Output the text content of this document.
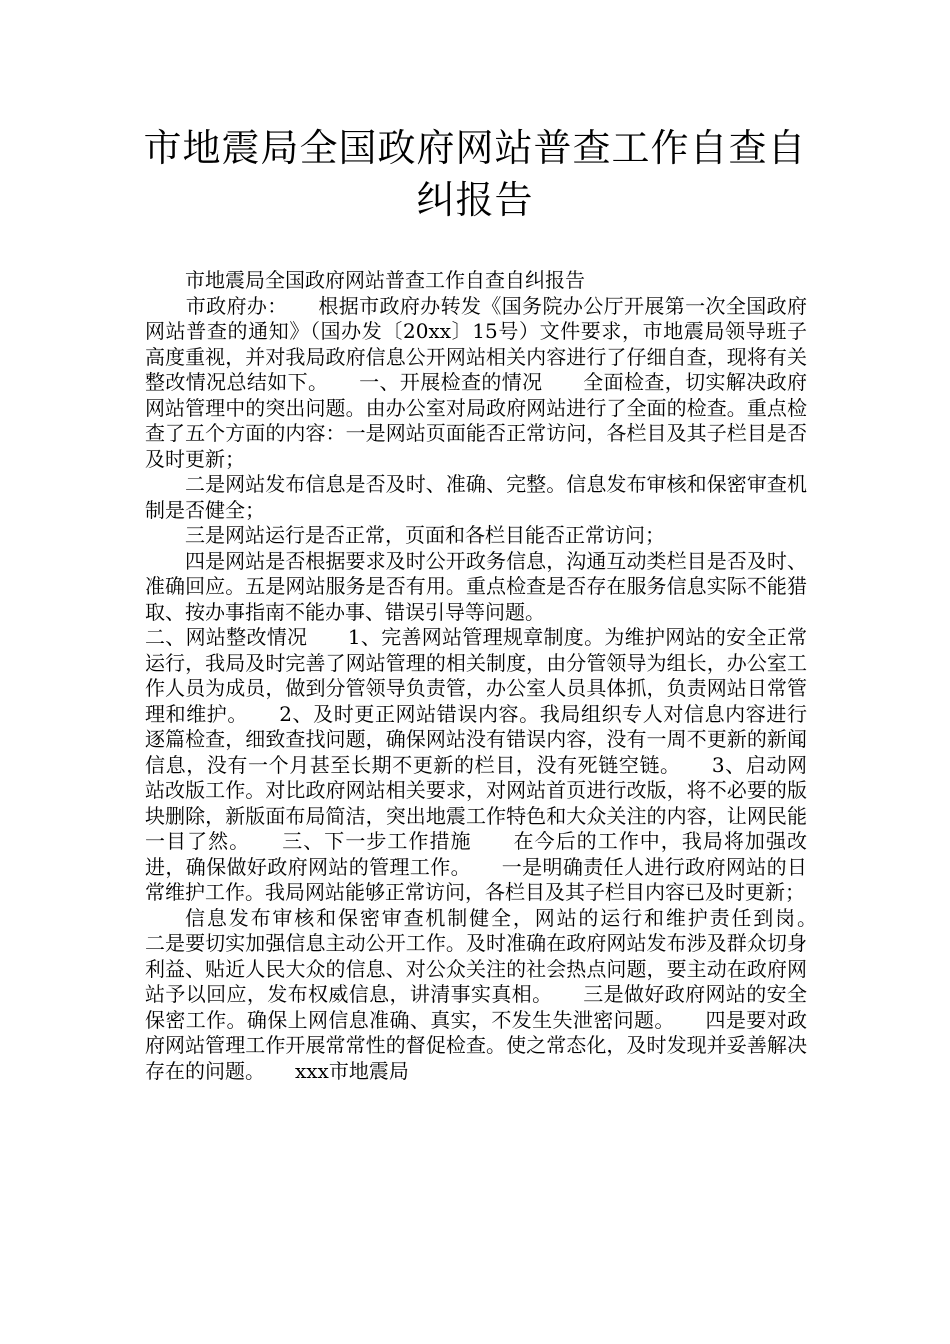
市地震局全国政府网站普查工作自查自纠报告

市地震局全国政府网站普查工作自查自纠报告

　　市政府办：　　根据市政府办转发《国务院办公厅开展第一次全国政府网站普查的通知》（国办发〔20xx〕15号）文件要求，市地震局领导班子高度重视，并对我局政府信息公开网站相关内容进行了仔细自查，现将有关整改情况总结如下。　　一、开展检查的情况　　全面检查，切实解决政府网站管理中的突出问题。由办公室对局政府网站进行了全面的检查。重点检查了五个方面的内容：一是网站页面能否正常访问，各栏目及其子栏目是否及时更新；

二是网站发布信息是否及时、准确、完整。信息发布审核和保密审查机制是否健全；

三是网站运行是否正常，页面和各栏目能否正常访问；

四是网站是否根据要求及时公开政务信息，沟通互动类栏目是否及时、准确回应。五是网站服务是否有用。重点检查是否存在服务信息实际不能猎取、按办事指南不能办事、错误引导等问题。

二、网站整改情况　　1、完善网站管理规章制度。为维护网站的安全正常运行，我局及时完善了网站管理的相关制度，由分管领导为组长，办公室工作人员为成员，做到分管领导负责管，办公室人员具体抓，负责网站日常管理和维护。　　2、及时更正网站错误内容。我局组织专人对信息内容进行逐篇检查，细致查找问题，确保网站没有错误内容，没有一周不更新的新闻信息，没有一个月甚至长期不更新的栏目，没有死链空链。　　3、启动网站改版工作。对比政府网站相关要求，对网站首页进行改版，将不必要的版块删除，新版面布局简洁，突出地震工作特色和大众关注的内容，让网民能一目了然。　　三、下一步工作措施　　在今后的工作中，我局将加强改进，确保做好政府网站的管理工作。　　一是明确责任人进行政府网站的日常维护工作。我局网站能够正常访问，各栏目及其子栏目内容已及时更新；

信息发布审核和保密审查机制健全，网站的运行和维护责任到岗。　　二是要切实加强信息主动公开工作。及时准确在政府网站发布涉及群众切身利益、贴近人民大众的信息、对公众关注的社会热点问题，要主动在政府网站予以回应，发布权威信息，讲清事实真相。　　三是做好政府网站的安全保密工作。确保上网信息准确、真实，不发生失泄密问题。　　四是要对政府网站管理工作开展常常性的督促检查。使之常态化，及时发现并妥善解决存在的问题。　　xxx市地震局
